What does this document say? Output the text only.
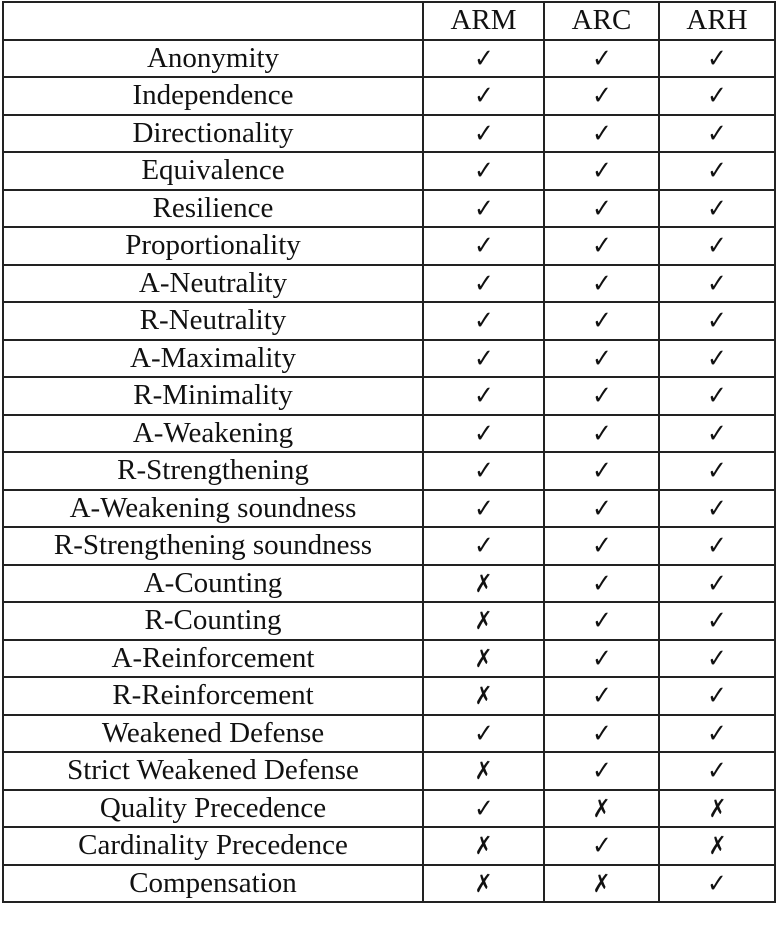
	ARM	ARC	ARH
Anonymity	✓	✓	✓
Independence	✓	✓	✓
Directionality	✓	✓	✓
Equivalence	✓	✓	✓
Resilience	✓	✓	✓
Proportionality	✓	✓	✓
A-Neutrality	✓	✓	✓
R-Neutrality	✓	✓	✓
A-Maximality	✓	✓	✓
R-Minimality	✓	✓	✓
A-Weakening	✓	✓	✓
R-Strengthening	✓	✓	✓
A-Weakening soundness	✓	✓	✓
R-Strengthening soundness	✓	✓	✓
A-Counting	✗	✓	✓
R-Counting	✗	✓	✓
A-Reinforcement	✗	✓	✓
R-Reinforcement	✗	✓	✓
Weakened Defense	✓	✓	✓
Strict Weakened Defense	✗	✓	✓
Quality Precedence	✓	✗	✗
Cardinality Precedence	✗	✓	✗
Compensation	✗	✗	✓
